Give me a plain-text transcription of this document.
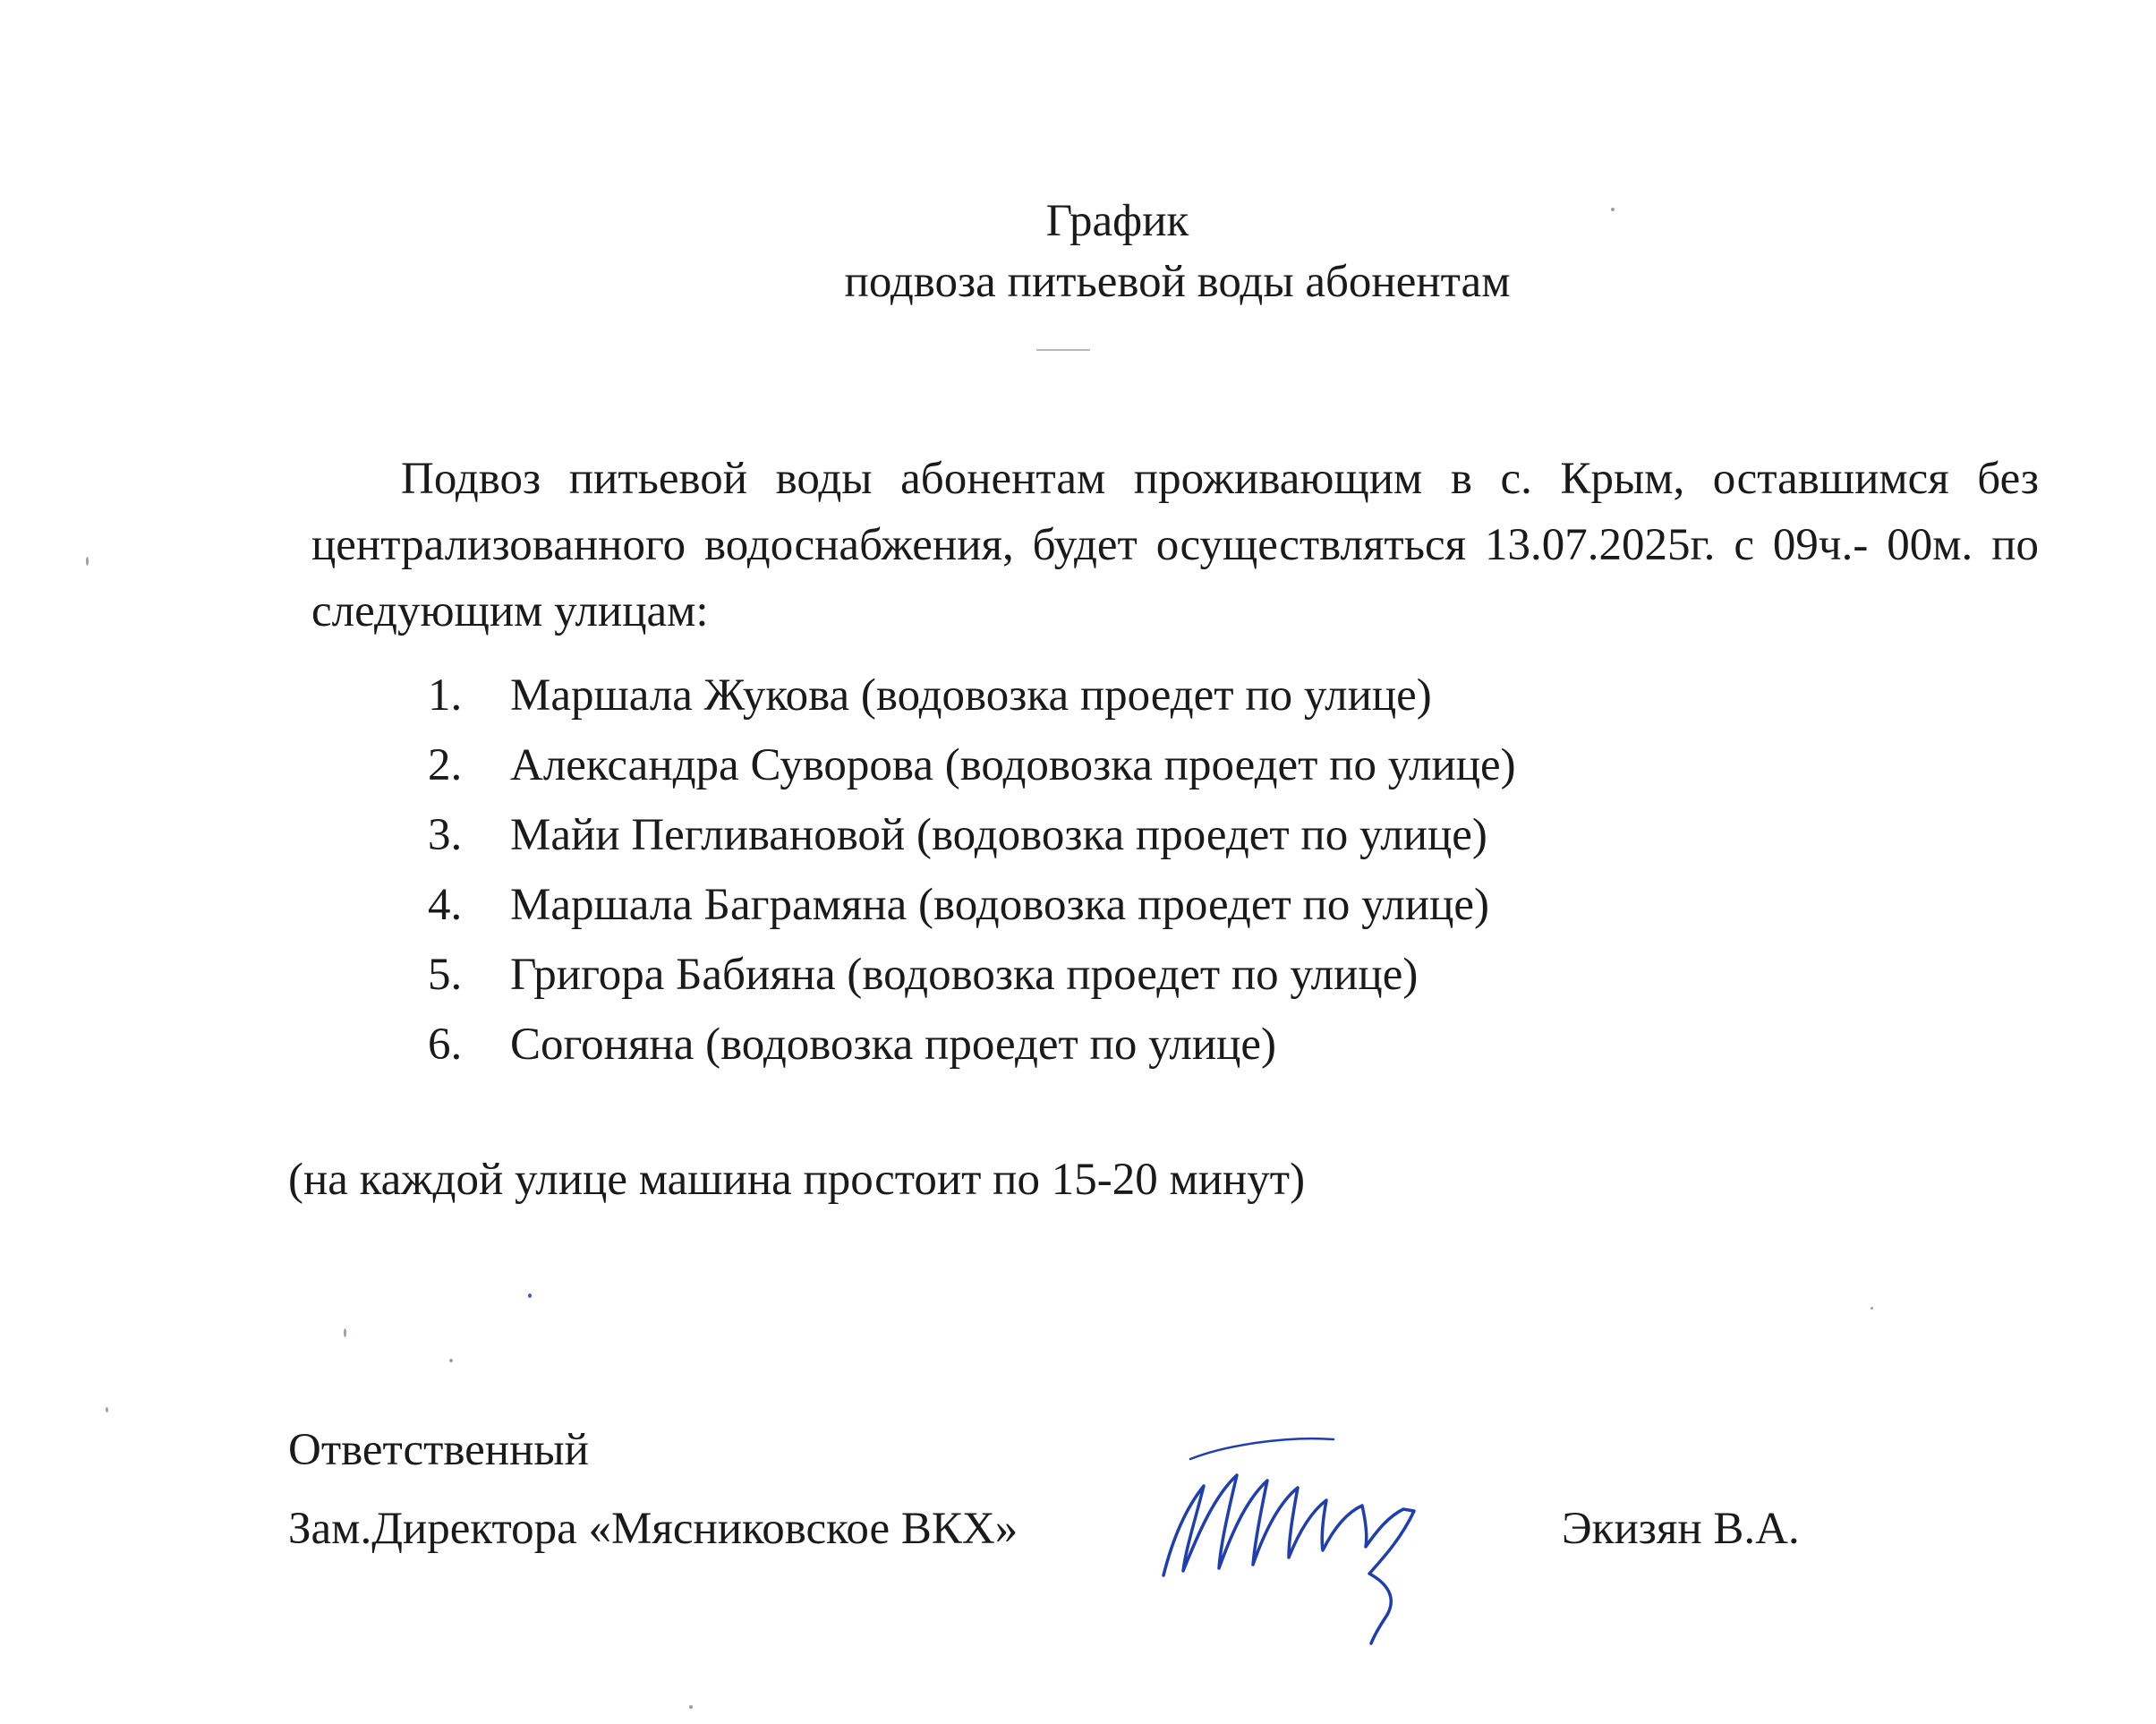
График
подвоза питьевой воды абонентам
Подвоз питьевой воды абонентам проживающим в с. Крым, оставшимся без централизованного водоснабжения, будет осуществляться 13.07.2025г. с 09ч.- 00м. по следующим улицам:
1. Маршала Жукова (водовозка проедет по улице)
2. Александра Суворова (водовозка проедет по улице)
3. Майи Пегливановой (водовозка проедет по улице)
4. Маршала Баграмяна (водовозка проедет по улице)
5. Григора Бабияна (водовозка проедет по улице)
6. Согоняна (водовозка проедет по улице)
(на каждой улице машина простоит по 15-20 минут)
Ответственный
Зам.Директора «Мясниковское ВКХ»	Экизян В.А.
